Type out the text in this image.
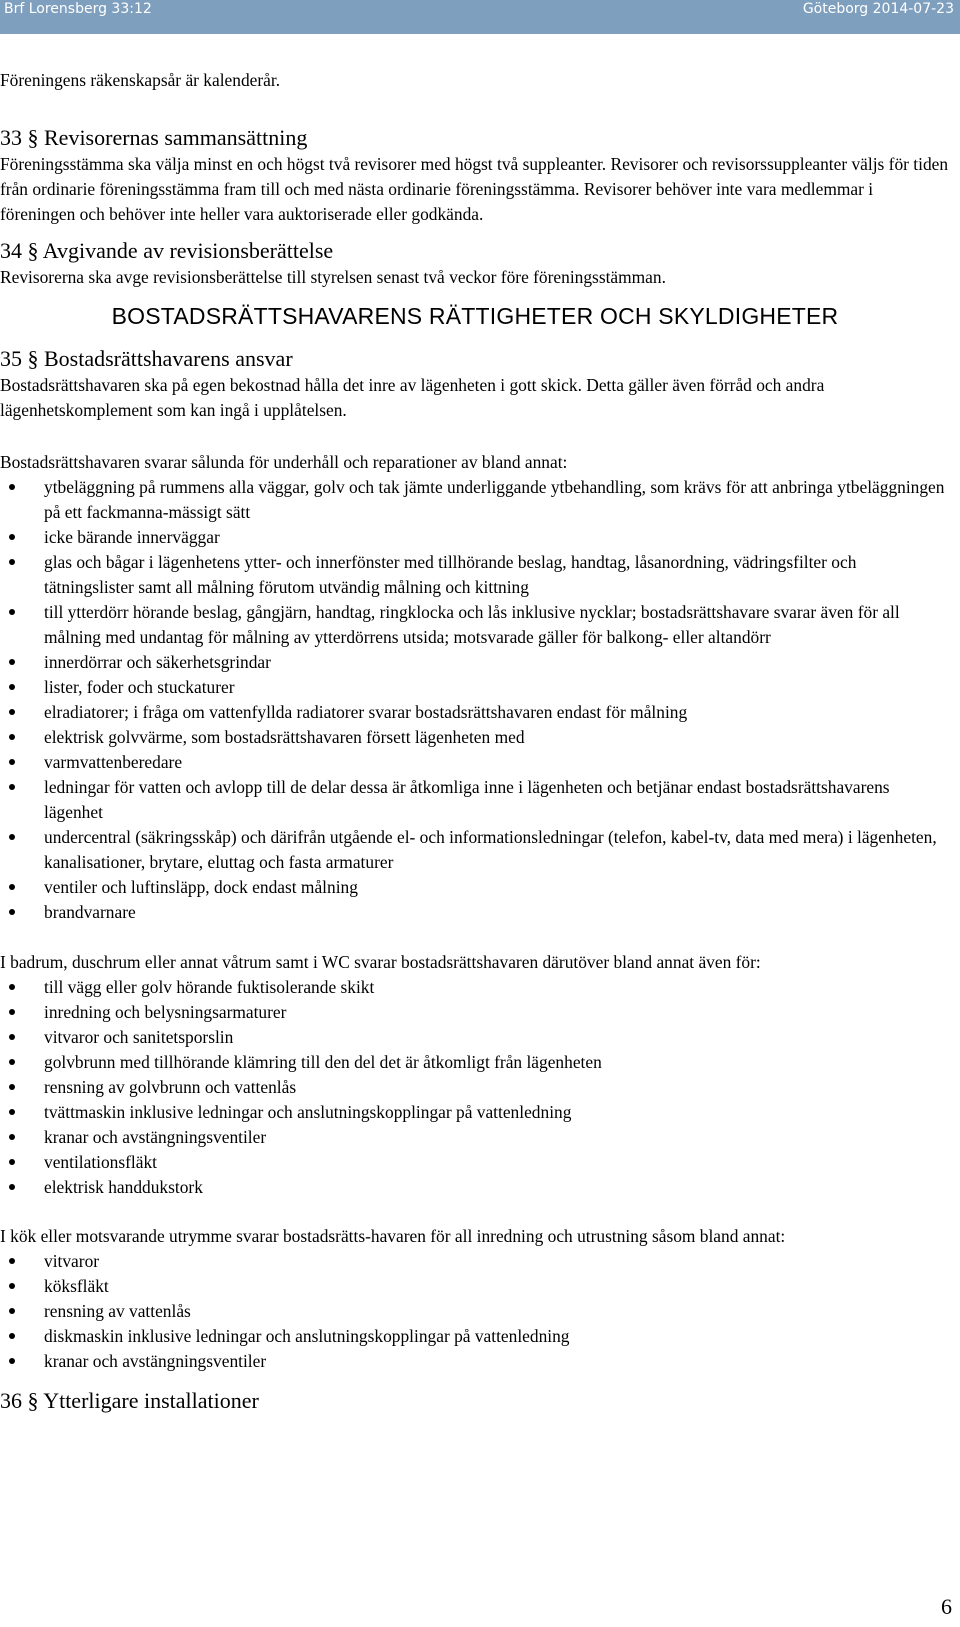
Brf Lorensberg 33:12	Göteborg 2014-07-23

Föreningens räkenskapsår är kalenderår.

33 § Revisorernas sammansättning

Föreningsstämma ska välja minst en och högst två revisorer med högst två suppleanter. Revisorer och revisorssuppleanter väljs för tiden från ordinarie föreningsstämma fram till och med nästa ordinarie föreningsstämma. Revisorer behöver inte vara medlemmar i föreningen och behöver inte heller vara auktoriserade eller godkända.

34 § Avgivande av revisionsberättelse

Revisorerna ska avge revisionsberättelse till styrelsen senast två veckor före föreningsstämman.

BOSTADSRÄTTSHAVARENS RÄTTIGHETER OCH SKYLDIGHETER

35 § Bostadsrättshavarens ansvar

Bostadsrättshavaren ska på egen bekostnad hålla det inre av lägenheten i gott skick. Detta gäller även förråd och andra lägenhetskomplement som kan ingå i upplåtelsen.

Bostadsrättshavaren svarar sålunda för underhåll och reparationer av bland annat:

ytbeläggning på rummens alla väggar, golv och tak jämte underliggande ytbehandling, som krävs för att anbringa ytbeläggningen på ett fackmanna-mässigt sätt
icke bärande innerväggar
glas och bågar i lägenhetens ytter- och innerfönster med tillhörande beslag, handtag, låsanordning, vädringsfilter och tätningslister samt all målning förutom utvändig målning och kittning
till ytterdörr hörande beslag, gångjärn, handtag, ringklocka och lås inklusive nycklar; bostadsrättshavare svarar även för all målning med undantag för målning av ytterdörrens utsida; motsvarade gäller för balkong- eller altandörr
innerdörrar och säkerhetsgrindar
lister, foder och stuckaturer
elradiatorer; i fråga om vattenfyllda radiatorer svarar bostadsrättshavaren endast för målning
elektrisk golvvärme, som bostadsrättshavaren försett lägenheten med
varmvattenberedare
ledningar för vatten och avlopp till de delar dessa är åtkomliga inne i lägenheten och betjänar endast bostadsrättshavarens lägenhet
undercentral (säkringsskåp) och därifrån utgående el- och informationsledningar (telefon, kabel-tv, data med mera) i lägenheten, kanalisationer, brytare, eluttag och fasta armaturer
ventiler och luftinsläpp, dock endast målning
brandvarnare

I badrum, duschrum eller annat våtrum samt i WC svarar bostadsrättshavaren därutöver bland annat även för:

till vägg eller golv hörande fuktisolerande skikt
inredning och belysningsarmaturer
vitvaror och sanitetsporslin
golvbrunn med tillhörande klämring till den del det är åtkomligt från lägenheten
rensning av golvbrunn och vattenlås
tvättmaskin inklusive ledningar och anslutningskopplingar på vattenledning
kranar och avstängningsventiler
ventilationsfläkt
elektrisk handdukstork

I kök eller motsvarande utrymme svarar bostadsrätts-havaren för all inredning och utrustning såsom bland annat:

vitvaror
köksfläkt
rensning av vattenlås
diskmaskin inklusive ledningar och anslutningskopplingar på vattenledning
kranar och avstängningsventiler

36 § Ytterligare installationer

6
